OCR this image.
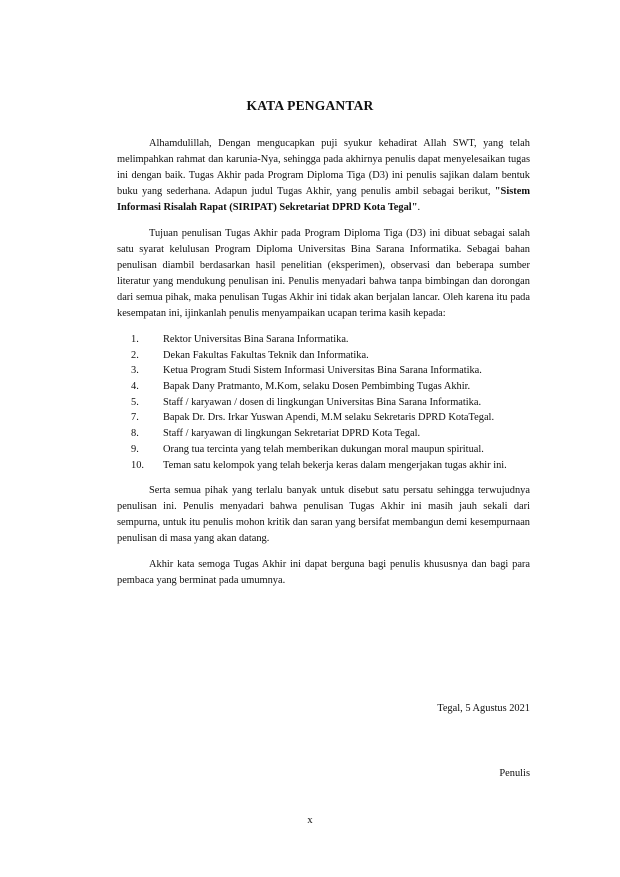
KATA PENGANTAR

Alhamdulillah, Dengan mengucapkan puji syukur kehadirat Allah SWT, yang telah melimpahkan rahmat dan karunia-Nya, sehingga pada akhirnya penulis dapat menyelesaikan tugas ini dengan baik. Tugas Akhir pada Program Diploma Tiga (D3) ini penulis sajikan dalam bentuk buku yang sederhana. Adapun judul Tugas Akhir, yang penulis ambil sebagai berikut, "Sistem Informasi Risalah Rapat (SIRIPAT) Sekretariat DPRD Kota Tegal".

Tujuan penulisan Tugas Akhir pada Program Diploma Tiga (D3) ini dibuat sebagai salah satu syarat kelulusan Program Diploma Universitas Bina Sarana Informatika. Sebagai bahan penulisan diambil berdasarkan hasil penelitian (eksperimen), observasi dan beberapa sumber literatur yang mendukung penulisan ini. Penulis menyadari bahwa tanpa bimbingan dan dorongan dari semua pihak, maka penulisan Tugas Akhir ini tidak akan berjalan lancar. Oleh karena itu pada kesempatan ini, ijinkanlah penulis menyampaikan ucapan terima kasih kepada:

1.	Rektor Universitas Bina Sarana Informatika.
2.	Dekan Fakultas Fakultas Teknik dan Informatika.
3.	Ketua Program Studi Sistem Informasi Universitas Bina Sarana Informatika.
4.	Bapak Dany Pratmanto, M.Kom, selaku Dosen Pembimbing Tugas Akhir.
5.	Staff / karyawan / dosen di lingkungan Universitas Bina Sarana Informatika.
7.	Bapak Dr. Drs. Irkar Yuswan Apendi, M.M selaku Sekretaris DPRD KotaTegal.
8.	Staff / karyawan di lingkungan Sekretariat DPRD Kota Tegal.
9.	Orang tua tercinta yang telah memberikan dukungan moral maupun spiritual.
10.	Teman satu kelompok yang telah bekerja keras dalam mengerjakan tugas akhir ini.

Serta semua pihak yang terlalu banyak untuk disebut satu persatu sehingga terwujudnya penulisan ini. Penulis menyadari bahwa penulisan Tugas Akhir ini masih jauh sekali dari sempurna, untuk itu penulis mohon kritik dan saran yang bersifat membangun demi kesempurnaan penulisan di masa yang akan datang.

Akhir kata semoga Tugas Akhir ini dapat berguna bagi penulis khususnya dan bagi para pembaca yang berminat pada umumnya.

Tegal, 5 Agustus 2021
Penulis
x
